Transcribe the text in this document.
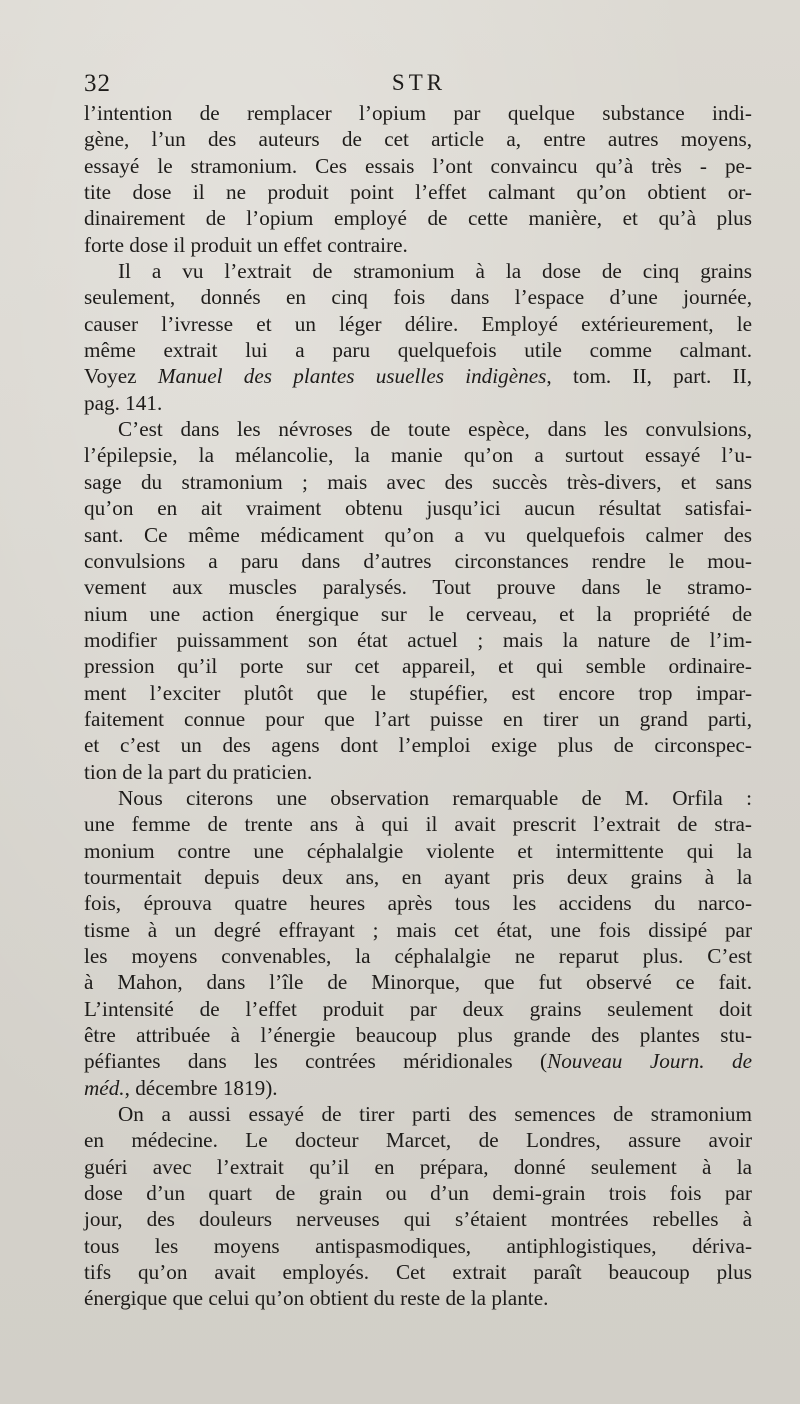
32	STR
l’intention de remplacer l’opium par quelque substance indi-
gène, l’un des auteurs de cet article a, entre autres moyens,
essayé le stramonium. Ces essais l’ont convaincu qu’à très - pe-
tite dose il ne produit point l’effet calmant qu’on obtient or-
dinairement de l’opium employé de cette manière, et qu’à plus
forte dose il produit un effet contraire.
Il a vu l’extrait de stramonium à la dose de cinq grains
seulement, donnés en cinq fois dans l’espace d’une journée,
causer l’ivresse et un léger délire. Employé extérieurement, le
même extrait lui a paru quelquefois utile comme calmant.
Voyez Manuel des plantes usuelles indigènes, tom. II, part. II,
pag. 141.
C’est dans les névroses de toute espèce, dans les convulsions,
l’épilepsie, la mélancolie, la manie qu’on a surtout essayé l’u-
sage du stramonium ; mais avec des succès très-divers, et sans
qu’on en ait vraiment obtenu jusqu’ici aucun résultat satisfai-
sant. Ce même médicament qu’on a vu quelquefois calmer des
convulsions a paru dans d’autres circonstances rendre le mou-
vement aux muscles paralysés. Tout prouve dans le stramo-
nium une action énergique sur le cerveau, et la propriété de
modifier puissamment son état actuel ; mais la nature de l’im-
pression qu’il porte sur cet appareil, et qui semble ordinaire-
ment l’exciter plutôt que le stupéfier, est encore trop impar-
faitement connue pour que l’art puisse en tirer un grand parti,
et c’est un des agens dont l’emploi exige plus de circonspec-
tion de la part du praticien.
Nous citerons une observation remarquable de M. Orfila :
une femme de trente ans à qui il avait prescrit l’extrait de stra-
monium contre une céphalalgie violente et intermittente qui la
tourmentait depuis deux ans, en ayant pris deux grains à la
fois, éprouva quatre heures après tous les accidens du narco-
tisme à un degré effrayant ; mais cet état, une fois dissipé par
les moyens convenables, la céphalalgie ne reparut plus. C’est
à Mahon, dans l’île de Minorque, que fut observé ce fait.
L’intensité de l’effet produit par deux grains seulement doit
être attribuée à l’énergie beaucoup plus grande des plantes stu-
péfiantes dans les contrées méridionales (Nouveau Journ. de
méd., décembre 1819).
On a aussi essayé de tirer parti des semences de stramonium
en médecine. Le docteur Marcet, de Londres, assure avoir
guéri avec l’extrait qu’il en prépara, donné seulement à la
dose d’un quart de grain ou d’un demi-grain trois fois par
jour, des douleurs nerveuses qui s’étaient montrées rebelles à
tous les moyens antispasmodiques, antiphlogistiques, dériva-
tifs qu’on avait employés. Cet extrait paraît beaucoup plus
énergique que celui qu’on obtient du reste de la plante.
